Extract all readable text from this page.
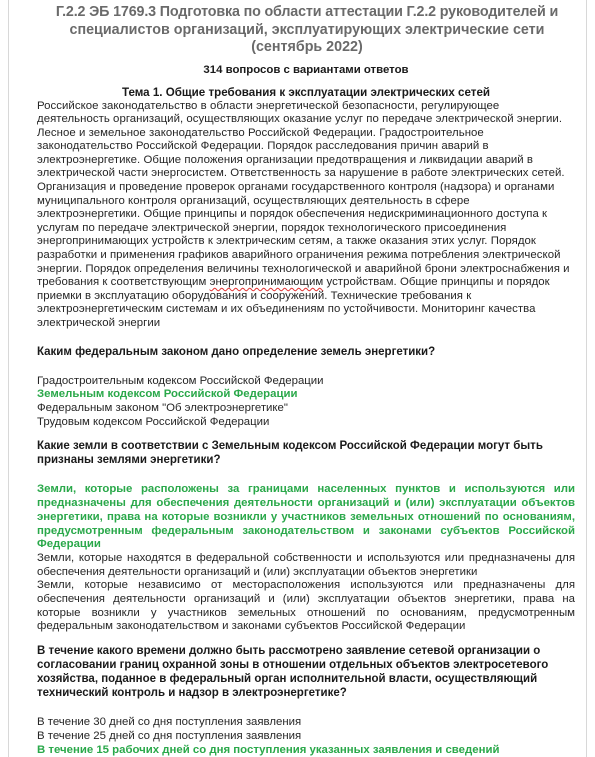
Г.2.2 ЭБ 1769.3 Подготовка по области аттестации Г.2.2 руководителей и
специалистов организаций, эксплуатирующих электрические сети
(сентябрь 2022)
314 вопросов с вариантами ответов
Тема 1. Общие требования к эксплуатации электрических сетей

Российское законодательство в области энергетической безопасности, регулирующее деятельность организаций, осуществляющих оказание услуг по передаче электрической энергии. Лесное и земельное законодательство Российской Федерации. Градостроительное законодательство Российской Федерации. Порядок расследования причин аварий в электроэнергетике. Общие положения организации предотвращения и ликвидации аварий в электрической части энергосистем. Ответственность за нарушение в работе электрических сетей. Организация и проведение проверок органами государственного контроля (надзора) и органами муниципального контроля организаций, осуществляющих деятельность в сфере электроэнергетики. Общие принципы и порядок обеспечения недискриминационного доступа к услугам по передаче электрической энергии, порядок технологического присоединения энергопринимающих устройств к электрическим сетям, а также оказания этих услуг. Порядок разработки и применения графиков аварийного ограничения режима потребления электрической энергии. Порядок определения величины технологической и аварийной брони электроснабжения и требования к соответствующим энергопринимающим устройствам. Общие принципы и порядок приемки в эксплуатацию оборудования и сооружений. Технические требования к электроэнергетическим системам и их объединениям по устойчивости. Мониторинг качества электрической энергии

Каким федеральным законом дано определение земель энергетики?
Градостроительным кодексом Российской Федерации
Земельным кодексом Российской Федерации
Федеральным законом "Об электроэнергетике"
Трудовым кодексом Российской Федерации
Какие земли в соответствии с Земельным кодексом Российской Федерации могут быть признаны землями энергетики?
Земли, которые расположены за границами населенных пунктов и используются или предназначены для обеспечения деятельности организаций и (или) эксплуатации объектов энергетики, права на которые возникли у участников земельных отношений по основаниям, предусмотренным федеральным законодательством и законами субъектов Российской Федерации
Земли, которые находятся в федеральной собственности и используются или предназначены для обеспечения деятельности организаций и (или) эксплуатации объектов энергетики
Земли, которые независимо от месторасположения используются или предназначены для обеспечения деятельности организаций и (или) эксплуатации объектов энергетики, права на которые возникли у участников земельных отношений по основаниям, предусмотренным федеральным законодательством и законами субъектов Российской Федерации
В течение какого времени должно быть рассмотрено заявление сетевой организации о согласовании границ охранной зоны в отношении отдельных объектов электросетевого хозяйства, поданное в федеральный орган исполнительной власти, осуществляющий технический контроль и надзор в электроэнергетике?
В течение 30 дней со дня поступления заявления
В течение 25 дней со дня поступления заявления
В течение 15 рабочих дней со дня поступления указанных заявления и сведений
